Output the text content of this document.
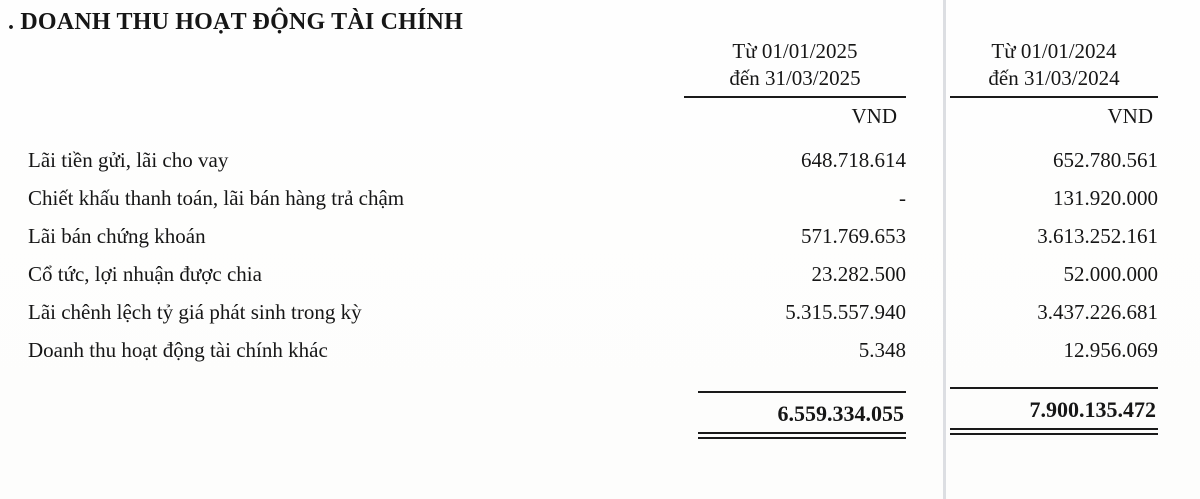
. DOANH THU HOẠT ĐỘNG TÀI CHÍNH
Từ 01/01/2025
đến 31/03/2025
Từ 01/01/2024
đến 31/03/2024
VND	VND
Lãi tiền gửi, lãi cho vay	648.718.614	652.780.561
Chiết khấu thanh toán, lãi bán hàng trả chậm	-	131.920.000
Lãi bán chứng khoán	571.769.653	3.613.252.161
Cổ tức, lợi nhuận được chia	23.282.500	52.000.000
Lãi chênh lệch tỷ giá phát sinh trong kỳ	5.315.557.940	3.437.226.681
Doanh thu hoạt động tài chính khác	5.348	12.956.069
6.559.334.055	7.900.135.472
